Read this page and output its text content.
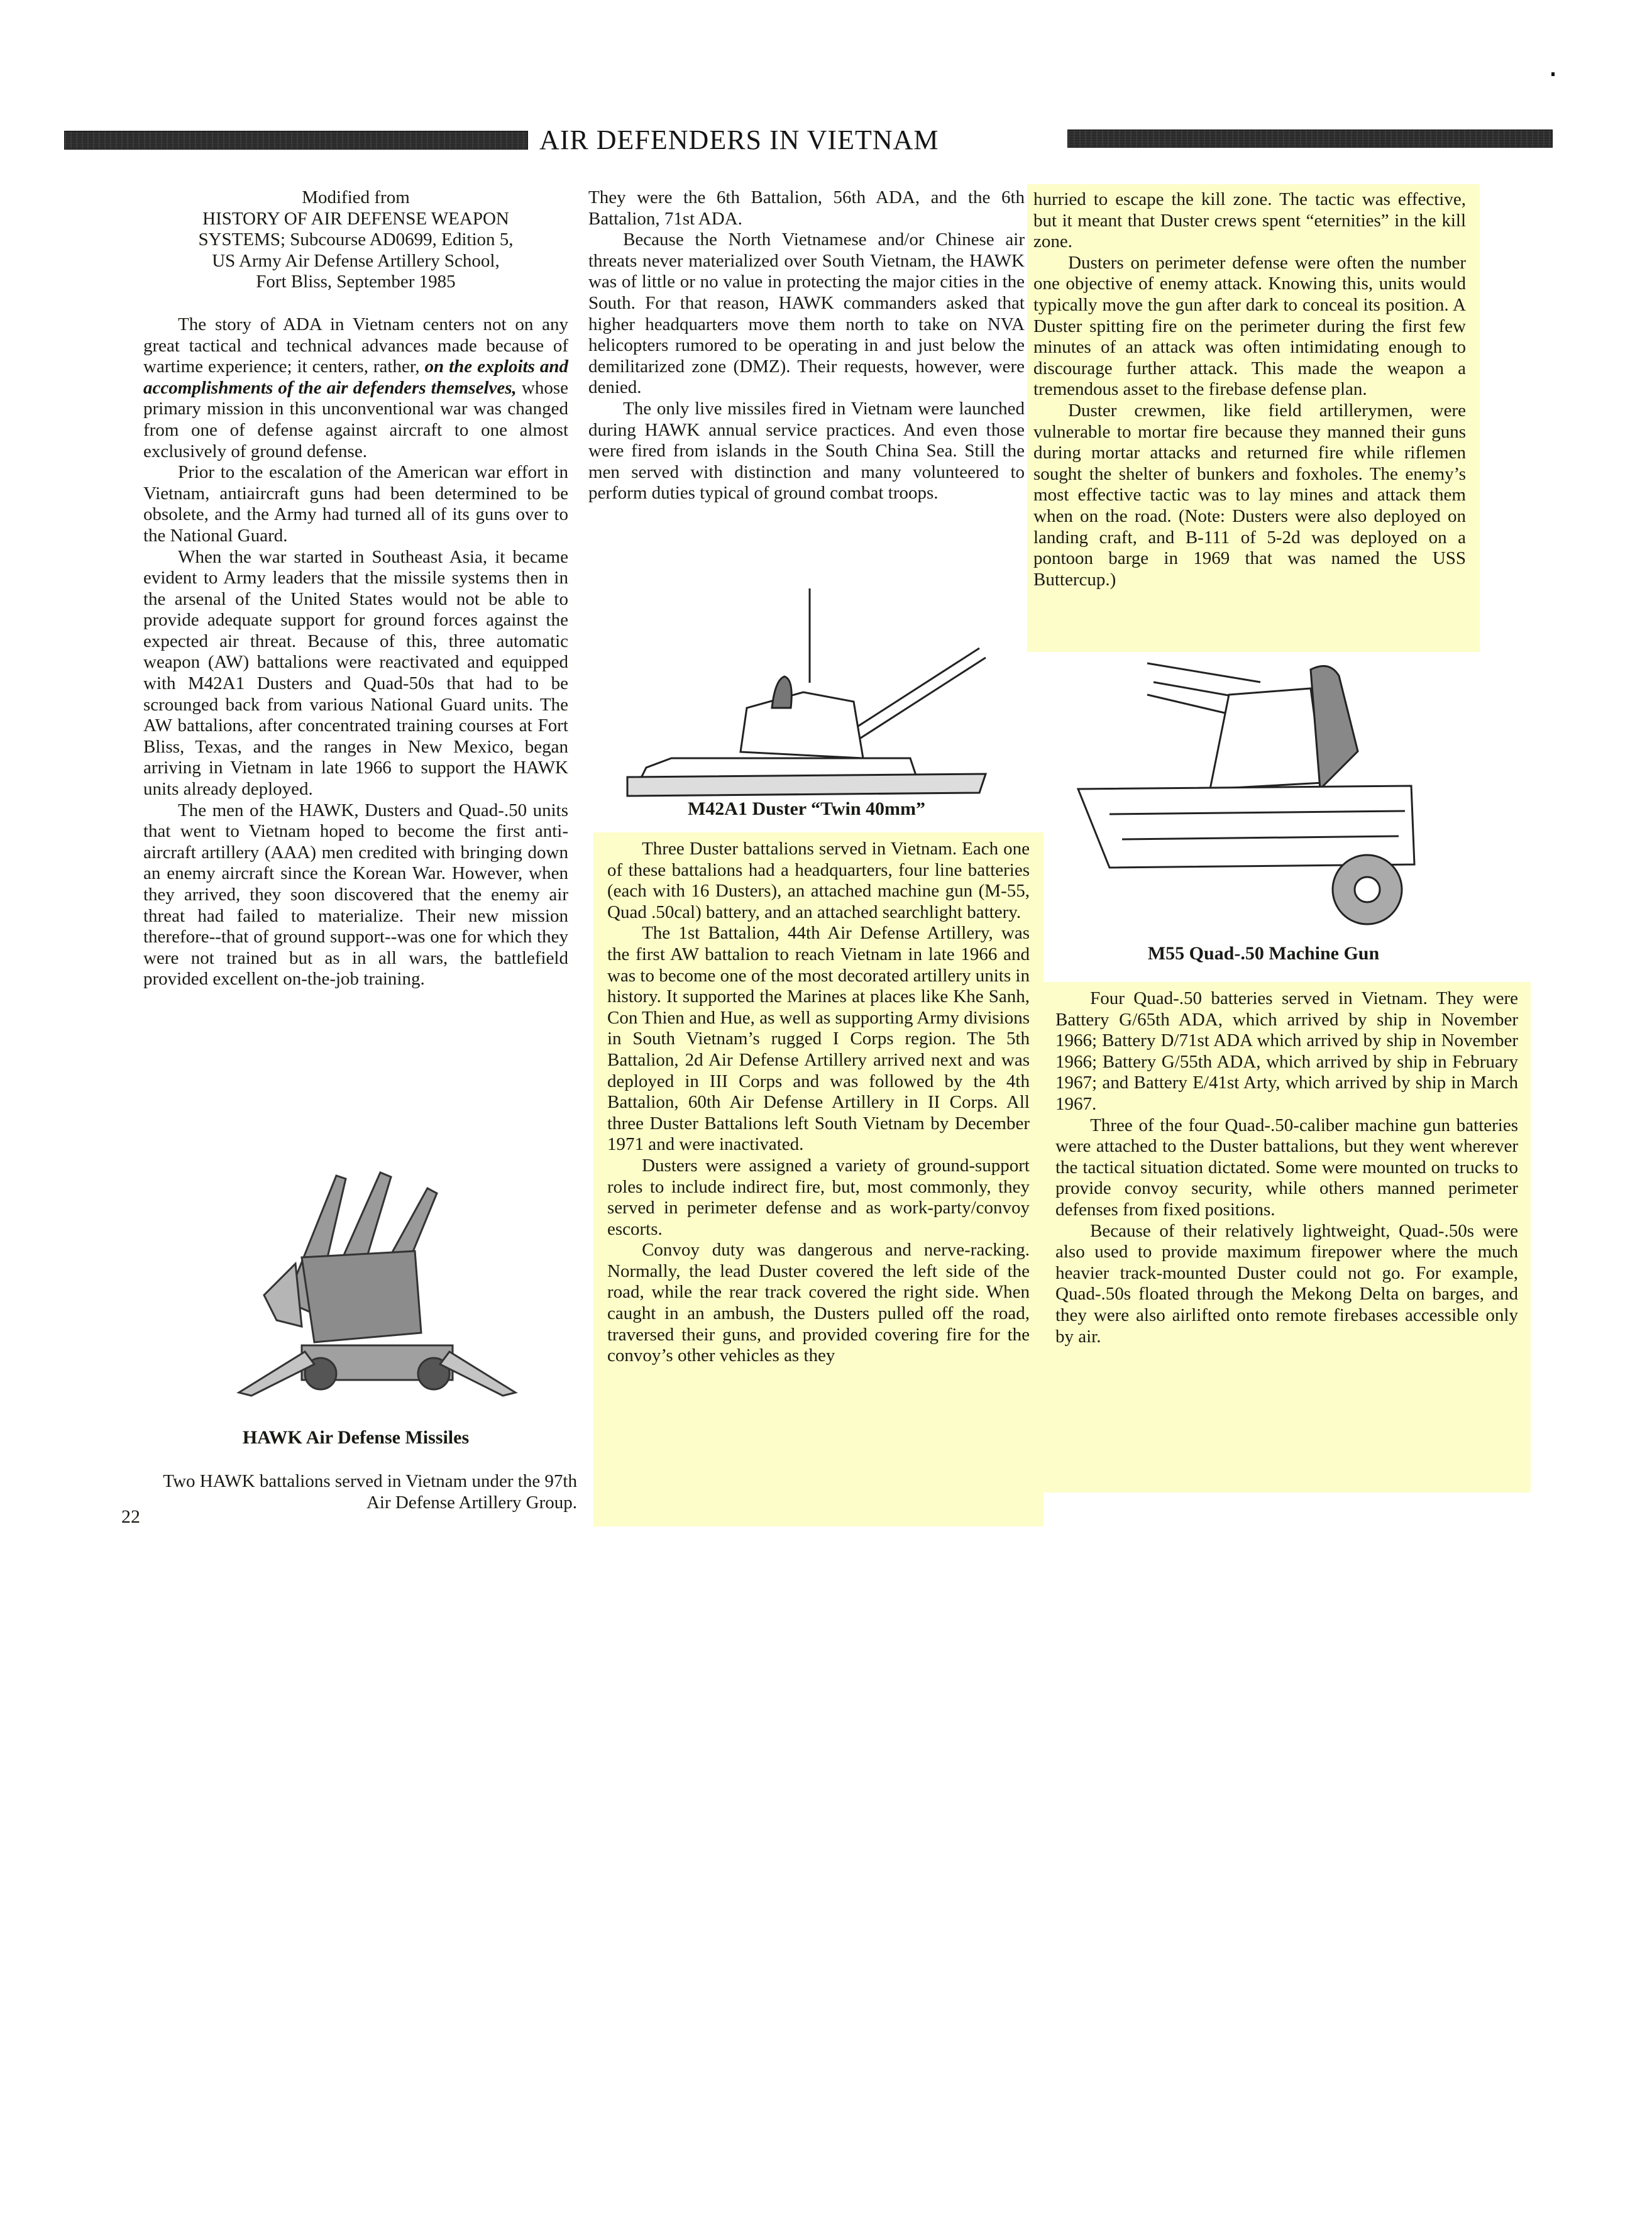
AIR DEFENDERS IN VIETNAM
Modified from
HISTORY OF AIR DEFENSE WEAPON
SYSTEMS; Subcourse AD0699, Edition 5,
US Army Air Defense Artillery School,
Fort Bliss, September 1985

The story of ADA in Vietnam centers not on any great tactical and technical advances made because of wartime experience; it centers, rather, on the exploits and accomplishments of the air defenders themselves, whose primary mission in this unconventional war was changed from one of defense against aircraft to one almost exclusively of ground defense.

Prior to the escalation of the American war effort in Vietnam, antiaircraft guns had been determined to be obsolete, and the Army had turned all of its guns over to the National Guard.

When the war started in Southeast Asia, it became evident to Army leaders that the missile systems then in the arsenal of the United States would not be able to provide adequate support for ground forces against the expected air threat. Because of this, three automatic weapon (AW) battalions were reactivated and equipped with M42A1 Dusters and Quad-50s that had to be scrounged back from various National Guard units. The AW battalions, after concentrated training courses at Fort Bliss, Texas, and the ranges in New Mexico, began arriving in Vietnam in late 1966 to support the HAWK units already deployed.

The men of the HAWK, Dusters and Quad-.50 units that went to Vietnam hoped to become the first anti-aircraft artillery (AAA) men credited with bringing down an enemy aircraft since the Korean War. However, when they arrived, they soon discovered that the enemy air threat had failed to materialize. Their new mission therefore--that of ground support--was one for which they were not trained but as in all wars, the battlefield provided excellent on-the-job training.

HAWK Air Defense Missiles

Two HAWK battalions served in Vietnam under the 97th Air Defense Artillery Group.

They were the 6th Battalion, 56th ADA, and the 6th Battalion, 71st ADA.

Because the North Vietnamese and/or Chinese air threats never materialized over South Vietnam, the HAWK was of little or no value in protecting the major cities in the South. For that reason, HAWK commanders asked that higher headquarters move them north to take on NVA helicopters rumored to be operating in and just below the demilitarized zone (DMZ). Their requests, however, were denied.

The only live missiles fired in Vietnam were launched during HAWK annual service practices. And even those were fired from islands in the South China Sea. Still the men served with distinction and many volunteered to perform duties typical of ground combat troops.

M42A1 Duster “Twin 40mm”

Three Duster battalions served in Vietnam. Each one of these battalions had a headquarters, four line batteries (each with 16 Dusters), an attached machine gun (M-55, Quad .50cal) battery, and an attached searchlight battery.

The 1st Battalion, 44th Air Defense Artillery, was the first AW battalion to reach Vietnam in late 1966 and was to become one of the most decorated artillery units in history. It supported the Marines at places like Khe Sanh, Con Thien and Hue, as well as supporting Army divisions in South Vietnam’s rugged I Corps region. The 5th Battalion, 2d Air Defense Artillery arrived next and was deployed in III Corps and was followed by the 4th Battalion, 60th Air Defense Artillery in II Corps. All three Duster Battalions left South Vietnam by December 1971 and were inactivated.

Dusters were assigned a variety of ground-support roles to include indirect fire, but, most commonly, they served in perimeter defense and as work-party/convoy escorts.

Convoy duty was dangerous and nerve-racking. Normally, the lead Duster covered the left side of the road, while the rear track covered the right side. When caught in an ambush, the Dusters pulled off the road, traversed their guns, and provided covering fire for the convoy’s other vehicles as they

hurried to escape the kill zone. The tactic was effective, but it meant that Duster crews spent “eternities” in the kill zone.

Dusters on perimeter defense were often the number one objective of enemy attack. Knowing this, units would typically move the gun after dark to conceal its position. A Duster spitting fire on the perimeter during the first few minutes of an attack was often intimidating enough to discourage further attack. This made the weapon a tremendous asset to the firebase defense plan.

Duster crewmen, like field artillerymen, were vulnerable to mortar fire because they manned their guns during mortar attacks and returned fire while riflemen sought the shelter of bunkers and foxholes. The enemy’s most effective tactic was to lay mines and attack them when on the road. (Note: Dusters were also deployed on landing craft, and B-111 of 5-2d was deployed on a pontoon barge in 1969 that was named the USS Buttercup.)

M55 Quad-.50 Machine Gun

Four Quad-.50 batteries served in Vietnam. They were Battery G/65th ADA, which arrived by ship in November 1966; Battery D/71st ADA which arrived by ship in November 1966; Battery G/55th ADA, which arrived by ship in February 1967; and Battery E/41st Arty, which arrived by ship in March 1967.

Three of the four Quad-.50-caliber machine gun batteries were attached to the Duster battalions, but they went wherever the tactical situation dictated. Some were mounted on trucks to provide convoy security, while others manned perimeter defenses from fixed positions.

Because of their relatively lightweight, Quad-.50s were also used to provide maximum firepower where the much heavier track-mounted Duster could not go. For example, Quad-.50s floated through the Mekong Delta on barges, and they were also airlifted onto remote firebases accessible only by air.

22
